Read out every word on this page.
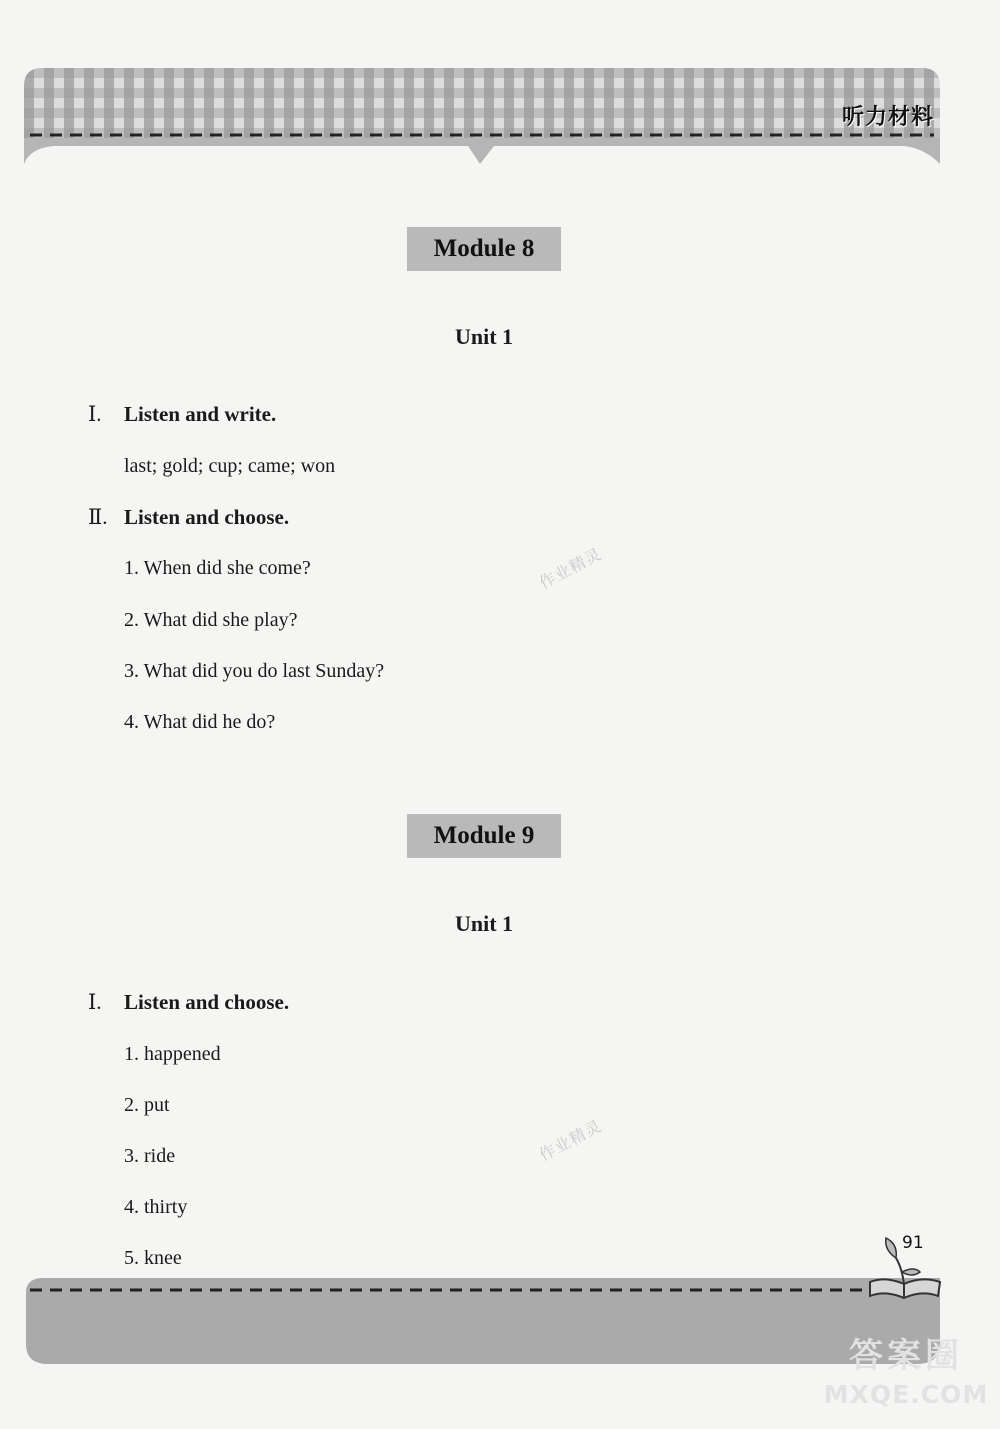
听力材料
Module 8
Unit 1
Ⅰ.	Listen and write.
last; gold; cup; came; won
Ⅱ. Listen and choose.
1. When did she come?
2. What did she play?
3. What did you do last Sunday?
4. What did he do?
Module 9
Unit 1
Ⅰ.	Listen and choose.
1. happened
2. put
3. ride
4. thirty
5. knee
作业精灵
作业精灵
91
答案圈
MXQE.COM
